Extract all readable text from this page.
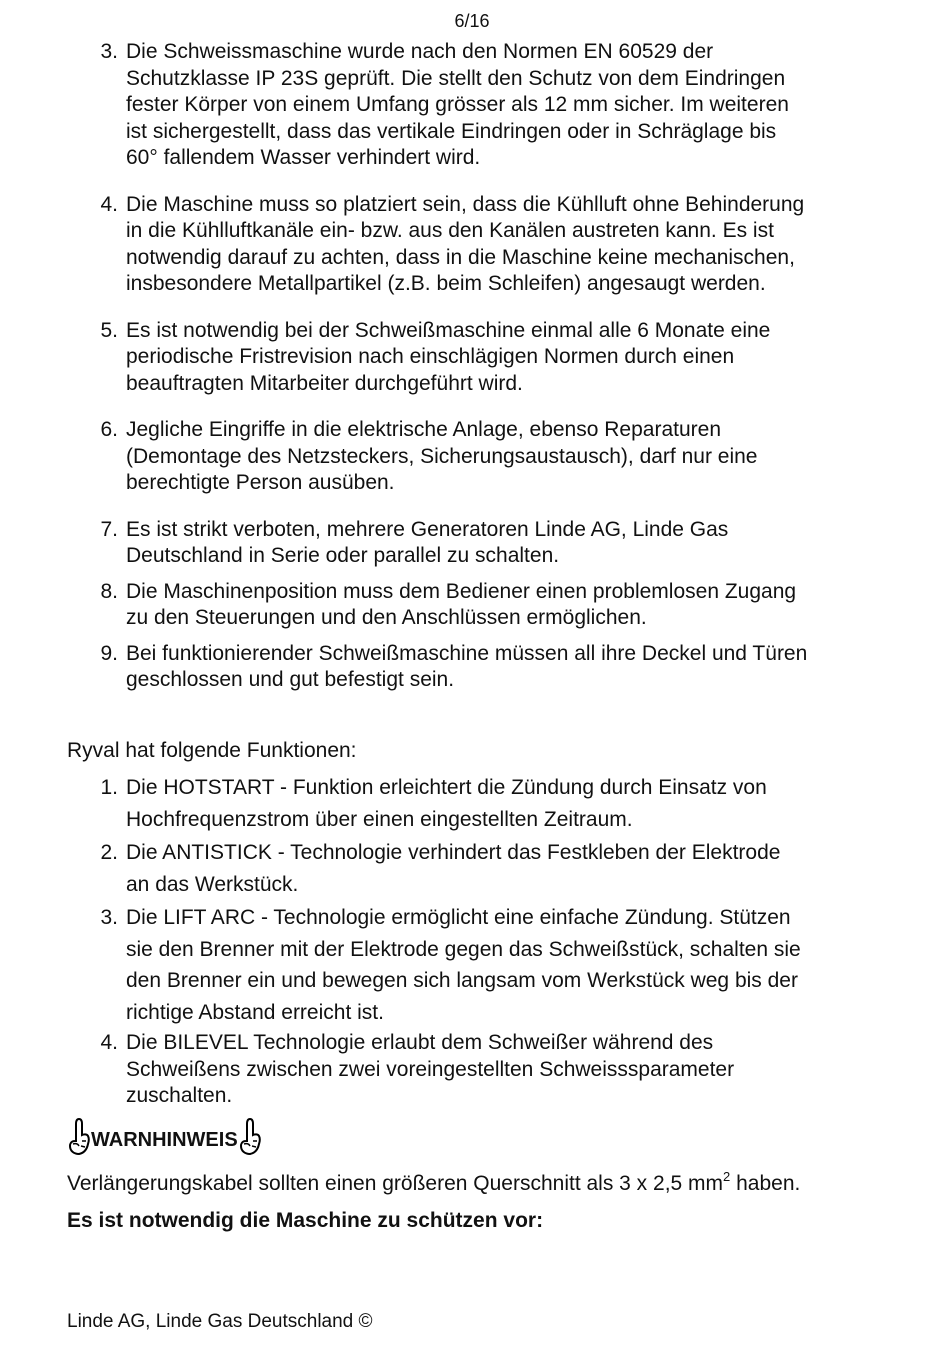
6/16
3. Die Schweissmaschine wurde nach den Normen EN 60529 der
Schutzklasse IP 23S geprüft. Die stellt den Schutz von dem Eindringen
fester Körper von einem Umfang grösser als 12 mm sicher. Im weiteren
ist sichergestellt, dass das vertikale Eindringen oder in Schräglage bis
60° fallendem Wasser verhindert wird.
4. Die Maschine muss so platziert sein, dass die Kühlluft ohne Behinderung
in die Kühlluftkanäle ein- bzw. aus den Kanälen austreten kann. Es ist
notwendig darauf zu achten, dass in die Maschine keine mechanischen,
insbesondere Metallpartikel (z.B. beim Schleifen) angesaugt werden.
5. Es ist notwendig bei der Schweißmaschine einmal alle 6 Monate eine
periodische Fristrevision nach einschlägigen Normen durch einen
beauftragten Mitarbeiter durchgeführt wird.
6. Jegliche Eingriffe in die elektrische Anlage, ebenso Reparaturen
(Demontage des Netzsteckers, Sicherungsaustausch), darf nur eine
berechtigte Person ausüben.
7. Es ist strikt verboten, mehrere Generatoren Linde AG, Linde Gas
Deutschland in Serie oder parallel zu schalten.
8. Die Maschinenposition muss dem Bediener einen problemlosen Zugang
zu den Steuerungen und den Anschlüssen ermöglichen.
9. Bei funktionierender Schweißmaschine müssen all ihre Deckel und Türen
geschlossen und gut befestigt sein.
Ryval hat folgende Funktionen:
1. Die HOTSTART - Funktion erleichtert die Zündung durch Einsatz von
Hochfrequenzstrom über einen eingestellten Zeitraum.
2. Die ANTISTICK - Technologie verhindert das Festkleben der Elektrode
an das Werkstück.
3. Die LIFT ARC - Technologie ermöglicht eine einfache Zündung. Stützen
sie den Brenner mit der Elektrode gegen das Schweißstück, schalten sie
den Brenner ein und bewegen sich langsam vom Werkstück weg bis der
richtige Abstand erreicht ist.
4. Die BILEVEL Technologie erlaubt dem Schweißer während des
Schweißens zwischen zwei voreingestellten Schweisssparameter
zuschalten.
WARNHINWEIS
Verlängerungskabel sollten einen größeren Querschnitt als 3 x 2,5 $mm^2$ haben.
Es ist notwendig die Maschine zu schützen vor:
Linde AG, Linde Gas Deutschland ©
